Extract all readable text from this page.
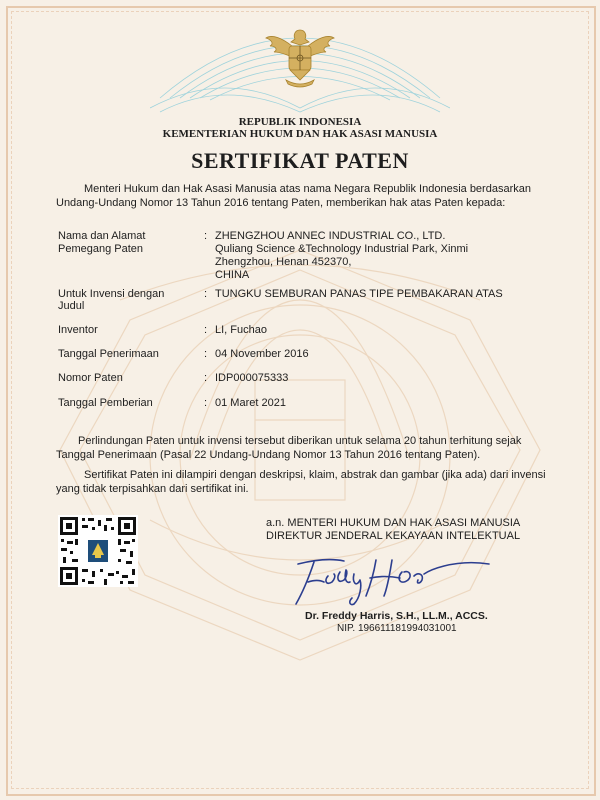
REPUBLIK INDONESIA
KEMENTERIAN HUKUM DAN HAK ASASI MANUSIA
SERTIFIKAT PATEN
Menteri Hukum dan Hak Asasi Manusia atas nama Negara Republik Indonesia berdasarkan Undang-Undang Nomor 13 Tahun 2016 tentang Paten, memberikan hak atas Paten kepada:
Nama dan Alamat
Pemegang Paten
: ZHENGZHOU ANNEC INDUSTRIAL CO., LTD.
Quliang Science &Technology Industrial Park, Xinmi
Zhengzhou, Henan 452370,
CHINA
Untuk Invensi dengan
Judul
: TUNGKU SEMBURAN PANAS TIPE PEMBAKARAN ATAS
Inventor	: LI, Fuchao
Tanggal Penerimaan	: 04 November 2016
Nomor Paten	: IDP000075333
Tanggal Pemberian	: 01 Maret 2021
Perlindungan Paten untuk invensi tersebut diberikan untuk selama 20 tahun terhitung sejak Tanggal Penerimaan (Pasal 22 Undang-Undang Nomor 13 Tahun 2016 tentang Paten).
Sertifikat Paten ini dilampiri dengan deskripsi, klaim, abstrak dan gambar (jika ada) dari invensi yang tidak terpisahkan dari sertifikat ini.
a.n. MENTERI HUKUM DAN HAK ASASI MANUSIA
DIREKTUR JENDERAL KEKAYAAN INTELEKTUAL
Dr. Freddy Harris, S.H., LL.M., ACCS.
NIP. 196611181994031001
